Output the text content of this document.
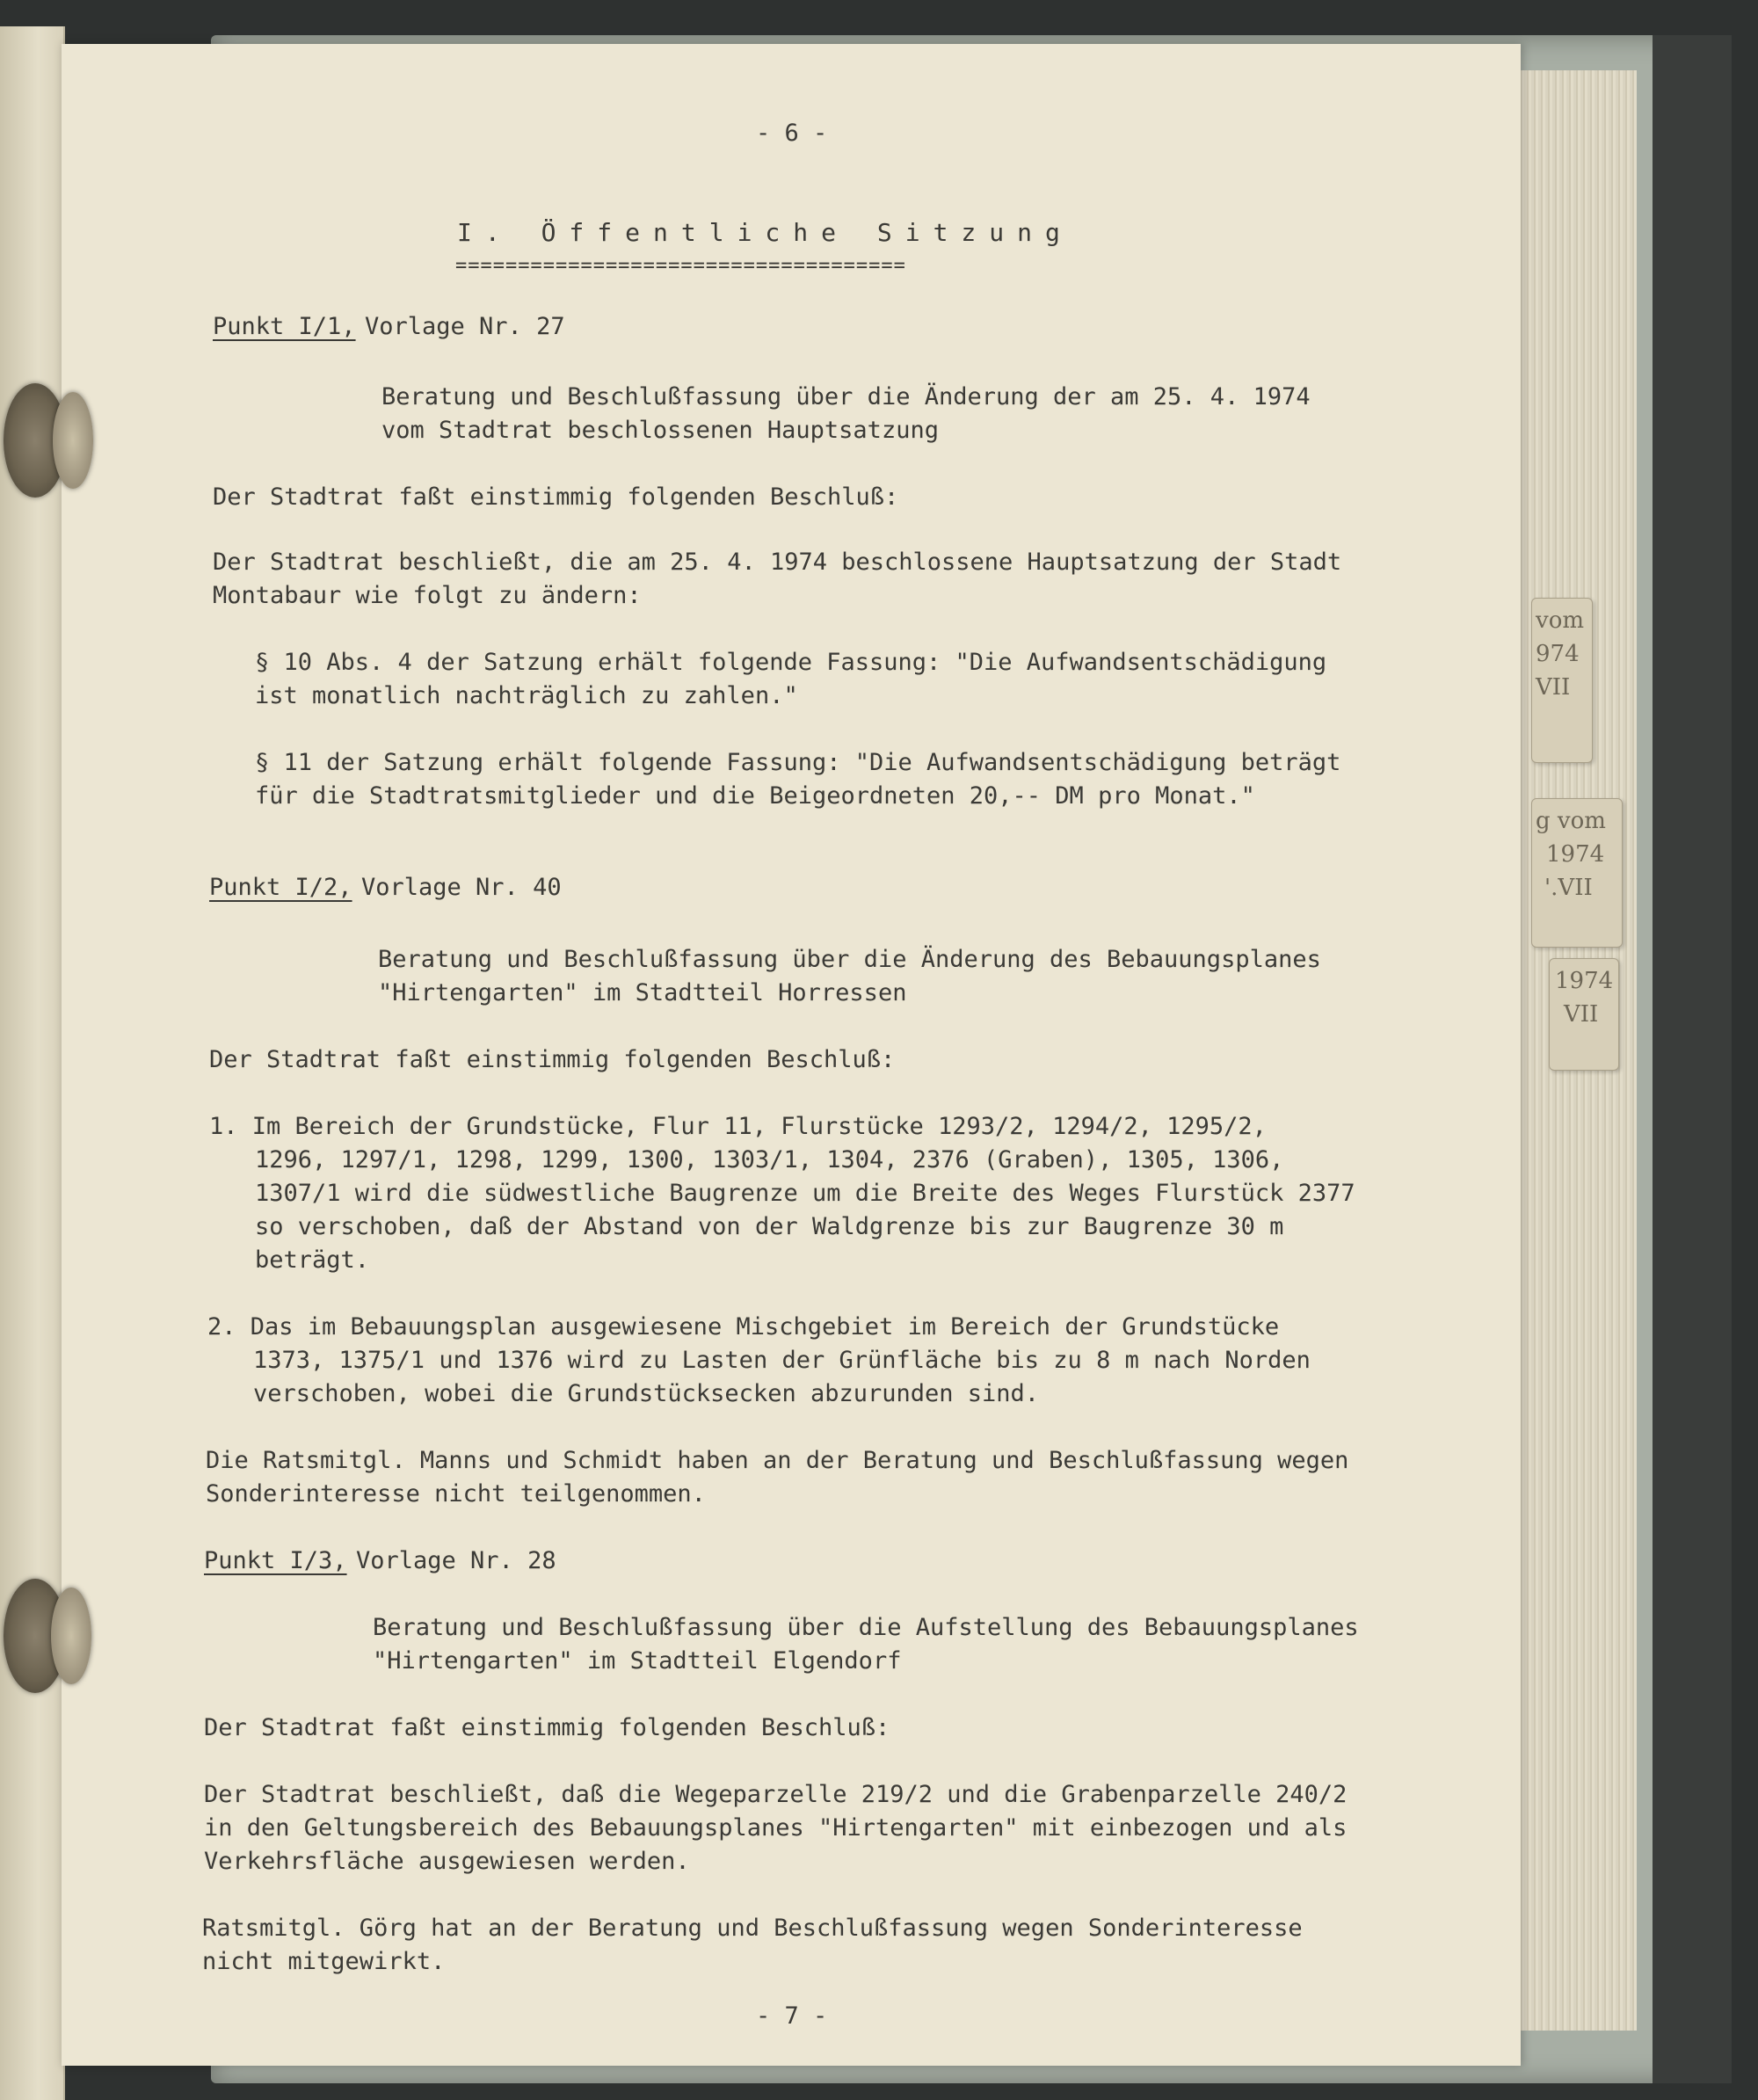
- 6 -
I. Öffentliche Sitzung
====================================
Punkt I/1, Vorlage Nr. 27
Beratung und Beschlußfassung über die Änderung der am 25. 4. 1974
vom Stadtrat beschlossenen Hauptsatzung
Der Stadtrat faßt einstimmig folgenden Beschluß:
Der Stadtrat beschließt, die am 25. 4. 1974 beschlossene Hauptsatzung der Stadt
Montabaur wie folgt zu ändern:
§ 10 Abs. 4 der Satzung erhält folgende Fassung: "Die Aufwandsentschädigung
ist monatlich nachträglich zu zahlen."
§ 11 der Satzung erhält folgende Fassung: "Die Aufwandsentschädigung beträgt
für die Stadtratsmitglieder und die Beigeordneten 20,-- DM pro Monat."
Punkt I/2, Vorlage Nr. 40
Beratung und Beschlußfassung über die Änderung des Bebauungsplanes
"Hirtengarten" im Stadtteil Horressen
Der Stadtrat faßt einstimmig folgenden Beschluß:
1. Im Bereich der Grundstücke, Flur 11, Flurstücke 1293/2, 1294/2, 1295/2,
1296, 1297/1, 1298, 1299, 1300, 1303/1, 1304, 2376 (Graben), 1305, 1306,
1307/1 wird die südwestliche Baugrenze um die Breite des Weges Flurstück 2377
so verschoben, daß der Abstand von der Waldgrenze bis zur Baugrenze 30 m
beträgt.
2. Das im Bebauungsplan ausgewiesene Mischgebiet im Bereich der Grundstücke
1373, 1375/1 und 1376 wird zu Lasten der Grünfläche bis zu 8 m nach Norden
verschoben, wobei die Grundstücksecken abzurunden sind.
Die Ratsmitgl. Manns und Schmidt haben an der Beratung und Beschlußfassung wegen
Sonderinteresse nicht teilgenommen.
Punkt I/3, Vorlage Nr. 28
Beratung und Beschlußfassung über die Aufstellung des Bebauungsplanes
"Hirtengarten" im Stadtteil Elgendorf
Der Stadtrat faßt einstimmig folgenden Beschluß:
Der Stadtrat beschließt, daß die Wegeparzelle 219/2 und die Grabenparzelle 240/2
in den Geltungsbereich des Bebauungsplanes "Hirtengarten" mit einbezogen und als
Verkehrsfläche ausgewiesen werden.
Ratsmitgl. Görg hat an der Beratung und Beschlußfassung wegen Sonderinteresse
nicht mitgewirkt.
- 7 -
vom
974
VII
g vom
1974
'.VII
1974
VII
